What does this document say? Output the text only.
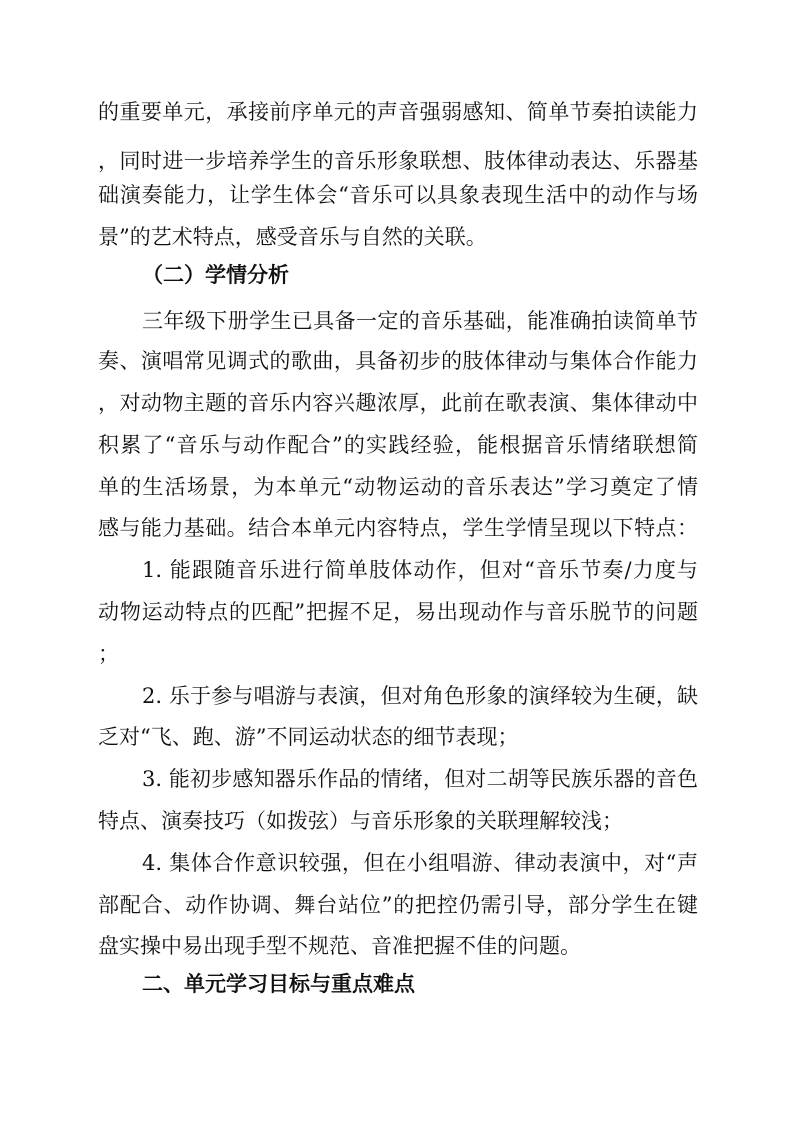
的重要单元，承接前序单元的声音强弱感知、简单节奏拍读能力
，同时进一步培养学生的音乐形象联想、肢体律动表达、乐器基
础演奏能力，让学生体会“音乐可以具象表现生活中的动作与场
景”的艺术特点，感受音乐与自然的关联。
（二）学情分析
三年级下册学生已具备一定的音乐基础，能准确拍读简单节
奏、演唱常见调式的歌曲，具备初步的肢体律动与集体合作能力
，对动物主题的音乐内容兴趣浓厚，此前在歌表演、集体律动中
积累了“音乐与动作配合”的实践经验，能根据音乐情绪联想简
单的生活场景，为本单元“动物运动的音乐表达”学习奠定了情
感与能力基础。结合本单元内容特点，学生学情呈现以下特点：
1. 能跟随音乐进行简单肢体动作，但对“音乐节奏/力度与
动物运动特点的匹配”把握不足，易出现动作与音乐脱节的问题
；
2. 乐于参与唱游与表演，但对角色形象的演绎较为生硬，缺
乏对“飞、跑、游”不同运动状态的细节表现；
3. 能初步感知器乐作品的情绪，但对二胡等民族乐器的音色
特点、演奏技巧（如拨弦）与音乐形象的关联理解较浅；
4. 集体合作意识较强，但在小组唱游、律动表演中，对“声
部配合、动作协调、舞台站位”的把控仍需引导，部分学生在键
盘实操中易出现手型不规范、音准把握不佳的问题。
二、单元学习目标与重点难点
